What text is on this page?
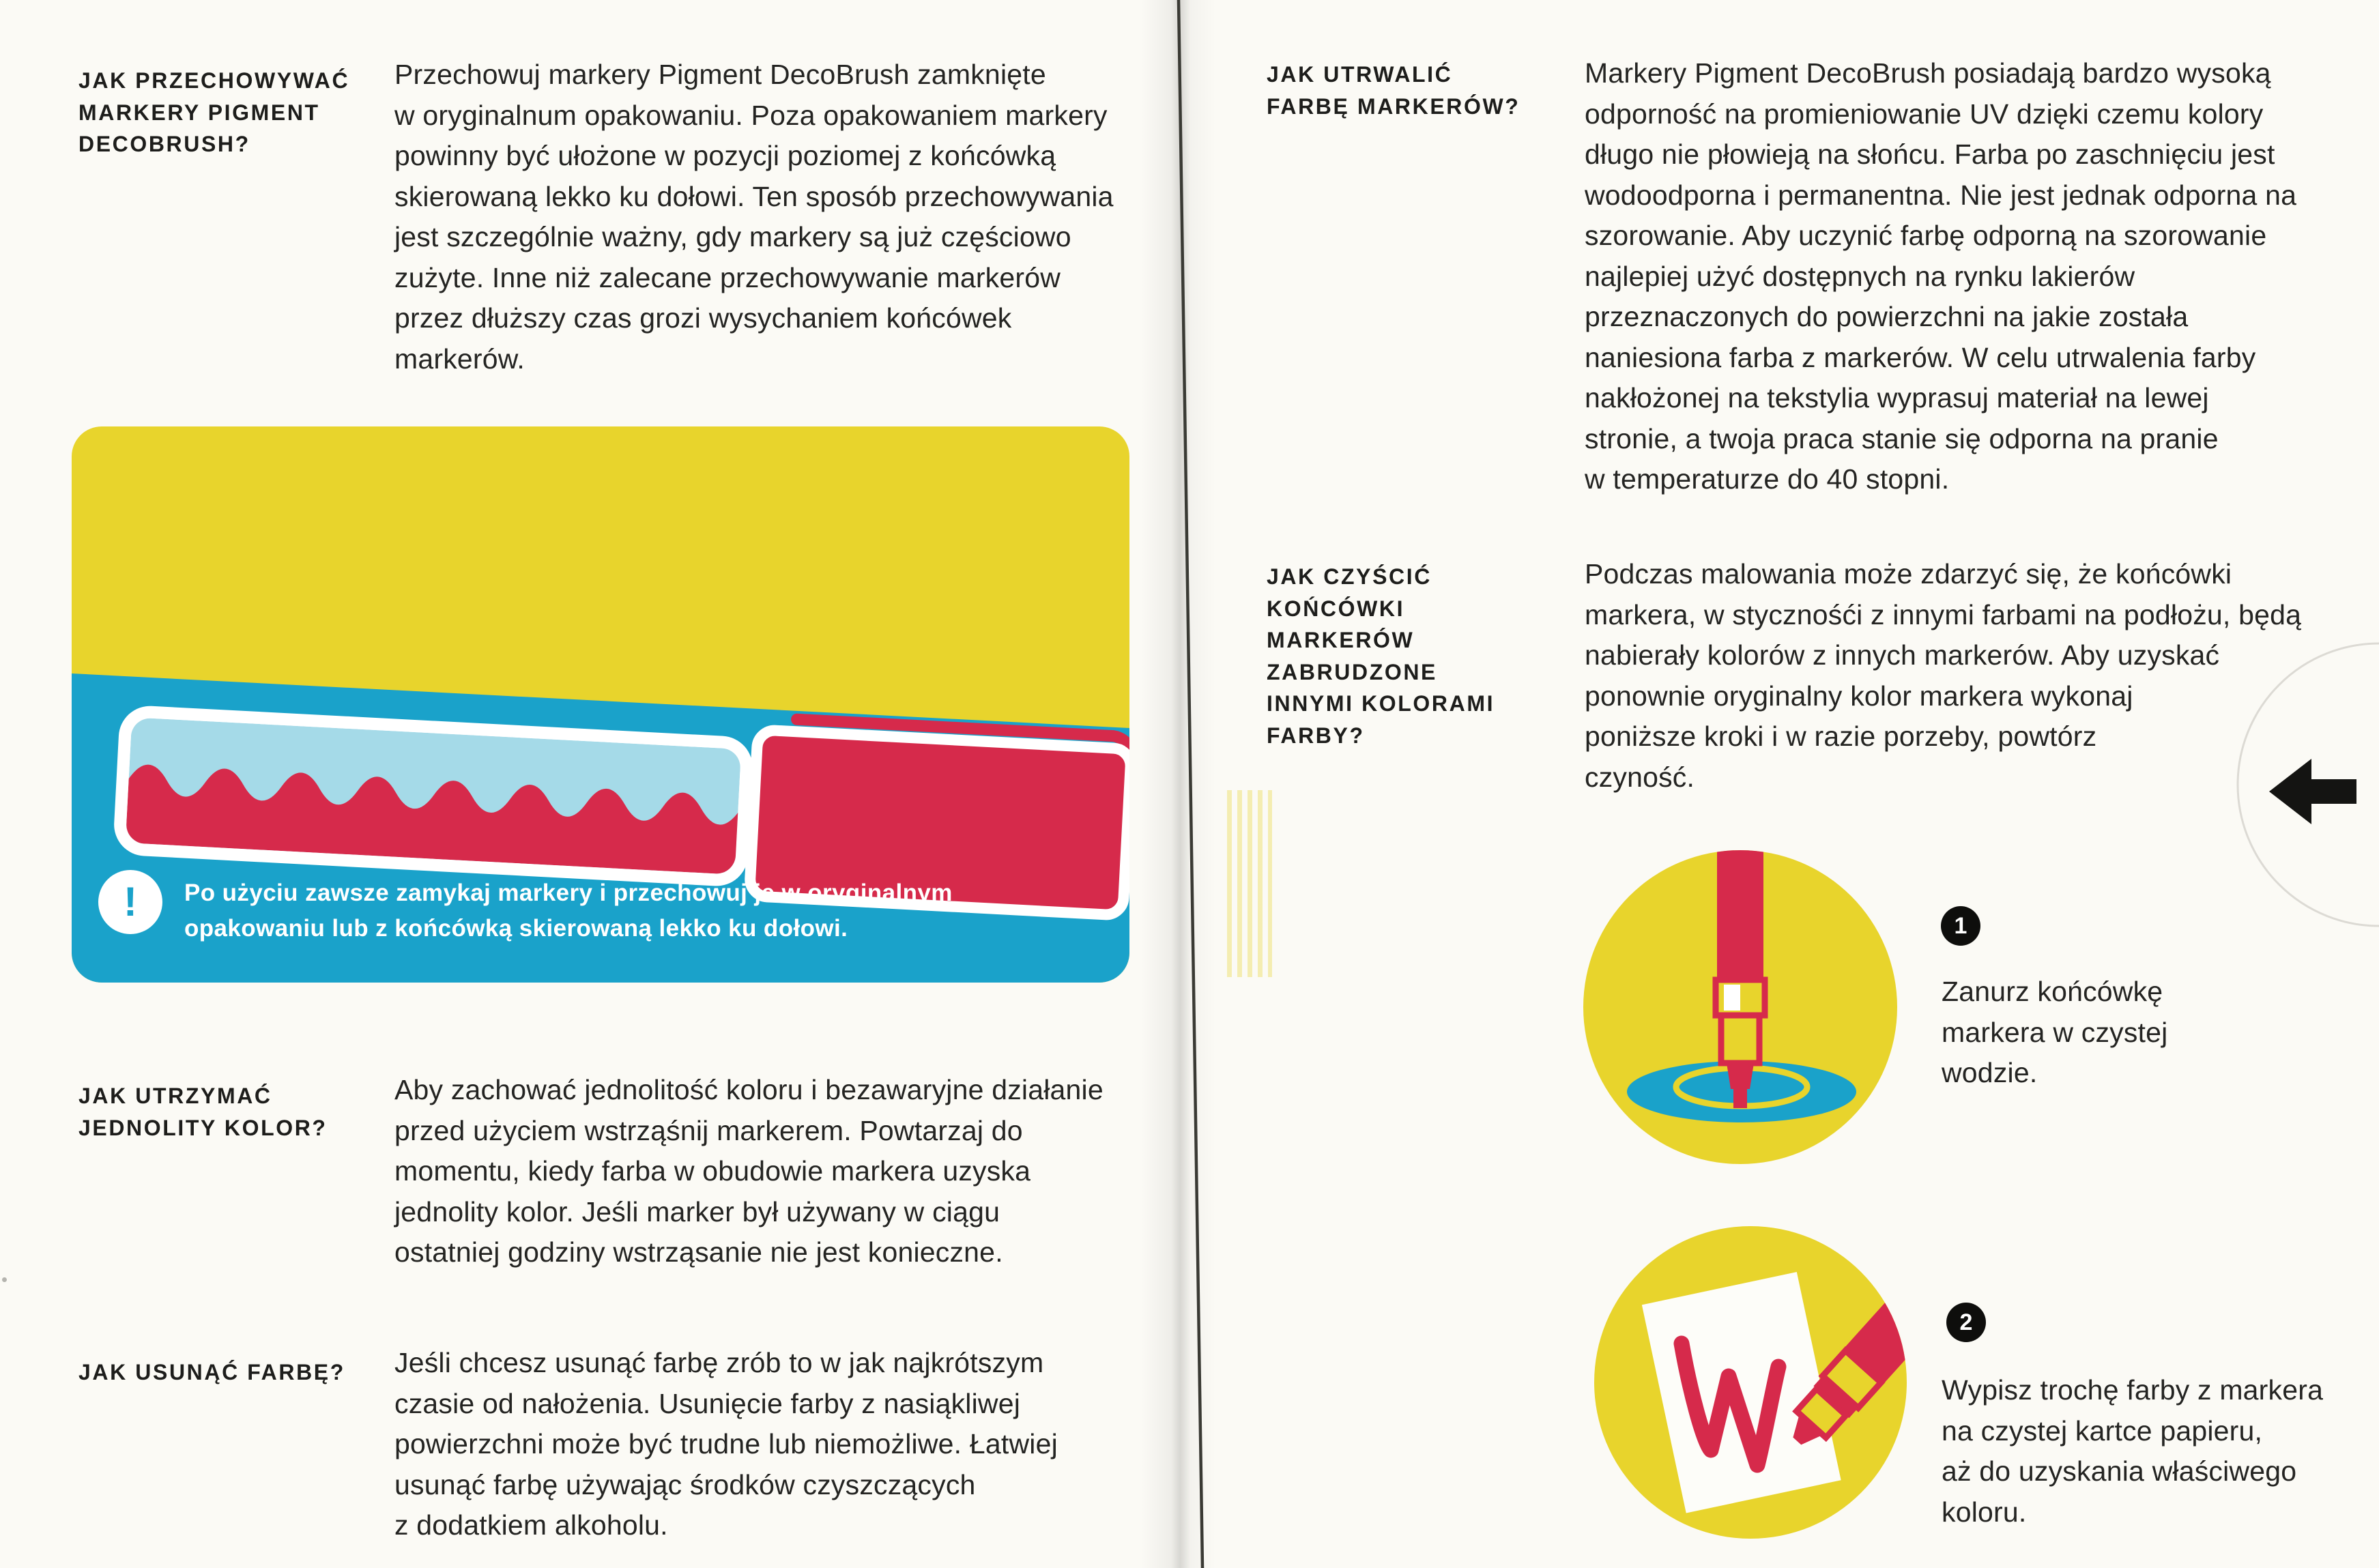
JAK PRZECHOWYWAĆ
MARKERY PIGMENT
DECOBRUSH?
Przechowuj markery Pigment DecoBrush zamknięte
w oryginalnum opakowaniu. Poza opakowaniem markery
powinny być ułożone w pozycji poziomej z końcówką
skierowaną lekko ku dołowi. Ten sposób przechowywania
jest szczególnie ważny, gdy markery są już częściowo
zużyte. Inne niż zalecane przechowywanie markerów
przez dłuższy czas grozi wysychaniem końcówek
markerów.
!	Po użyciu zawsze zamykaj markery i przechowuj je w oryginalnym
opakowaniu lub z końcówką skierowaną lekko ku dołowi.
JAK UTRZYMAĆ
JEDNOLITY KOLOR?
Aby zachować jednolitość koloru i bezawaryjne działanie
przed użyciem wstrząśnij markerem. Powtarzaj do
momentu, kiedy farba w obudowie markera uzyska
jednolity kolor. Jeśli marker był używany w ciągu
ostatniej godziny wstrząsanie nie jest konieczne.
JAK USUNĄĆ FARBĘ? Jeśli chcesz usunąć farbę zrób to w jak najkrótszym
czasie od nałożenia. Usunięcie farby z nasiąkliwej
powierzchni może być trudne lub niemożliwe. Łatwiej
usunąć farbę używając środków czyszczących
z dodatkiem alkoholu.
JAK UTRWALIĆ
FARBĘ MARKERÓW?
Markery Pigment DecoBrush posiadają bardzo wysoką
odporność na promieniowanie UV dzięki czemu kolory
długo nie płowieją na słońcu. Farba po zaschnięciu jest
wodoodporna i permanentna. Nie jest jednak odporna na
szorowanie. Aby uczynić farbę odporną na szorowanie
najlepiej użyć dostępnych na rynku lakierów
przeznaczonych do powierzchni na jakie została
naniesiona farba z markerów. W celu utrwalenia farby
nakłożonej na tekstylia wyprasuj materiał na lewej
stronie, a twoja praca stanie się odporna na pranie
w temperaturze do 40 stopni.
JAK CZYŚCIĆ
KOŃCÓWKI
MARKERÓW
ZABRUDZONE
INNYMI KOLORAMI
FARBY?
Podczas malowania może zdarzyć się, że końcówki
markera, w stycznośći z innymi farbami na podłożu, będą
nabierały kolorów z innych markerów. Aby uzyskać
ponownie oryginalny kolor markera wykonaj
poniższe kroki i w razie porzeby, powtórz
czyność.
1
Zanurz końcówkę
markera w czystej
wodzie.
2
Wypisz trochę farby z markera
na czystej kartce papieru,
aż do uzyskania właściwego
koloru.
